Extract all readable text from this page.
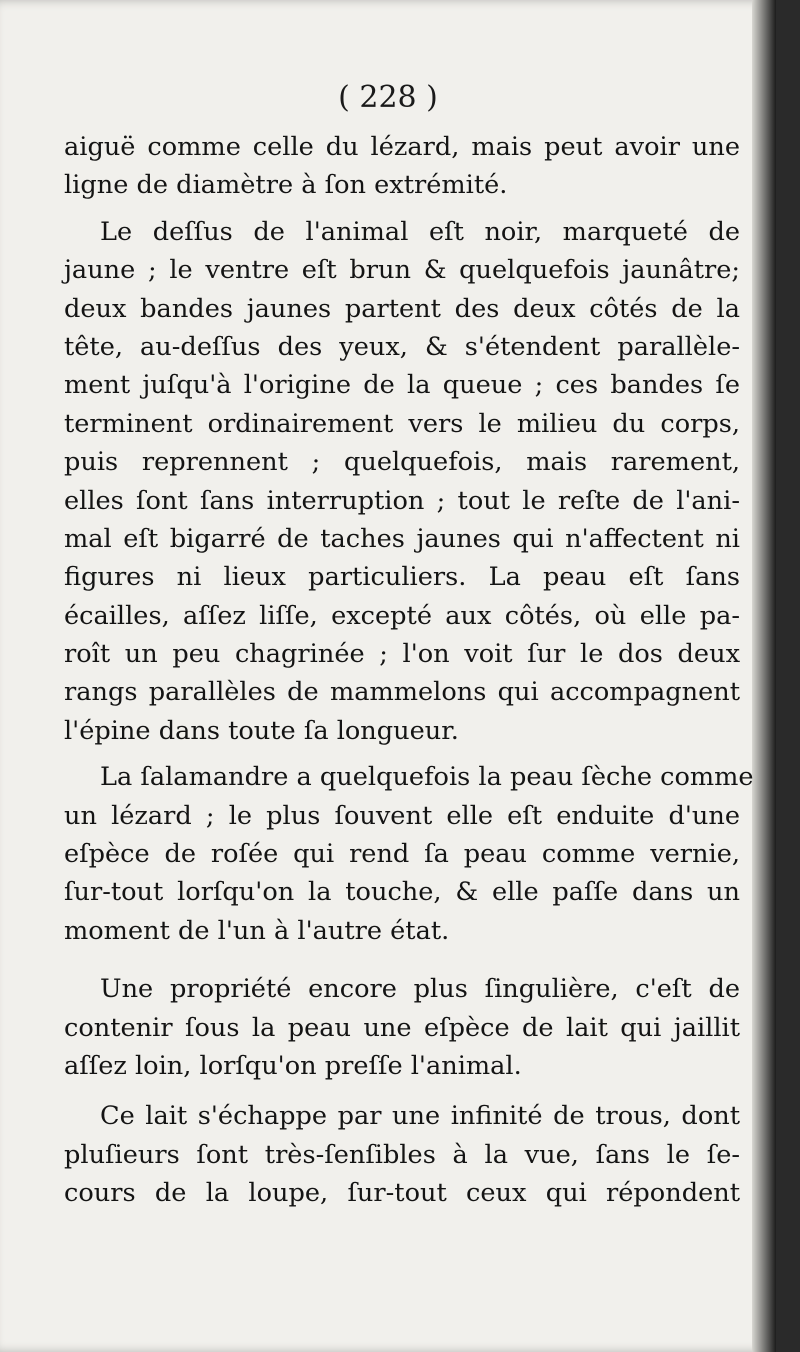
( 228 )
aiguë comme celle du lézard, mais peut avoir une
ligne de diamètre à ſon extrémité.
Le deſſus de l'animal eſt noir, marqueté de
jaune ; le ventre eſt brun & quelquefois jaunâtre;
deux bandes jaunes partent des deux côtés de la
tête, au-deſſus des yeux, & s'étendent parallèle-
ment juſqu'à l'origine de la queue ; ces bandes ſe
terminent ordinairement vers le milieu du corps,
puis reprennent ; quelquefois, mais rarement,
elles ſont ſans interruption ; tout le reſte de l'ani-
mal eſt bigarré de taches jaunes qui n'affectent ni
figures ni lieux particuliers. La peau eſt ſans
écailles, aſſez liſſe, excepté aux côtés, où elle pa-
roît un peu chagrinée ; l'on voit ſur le dos deux
rangs parallèles de mammelons qui accompagnent
l'épine dans toute ſa longueur.
La ſalamandre a quelquefois la peau ſèche comme
un lézard ; le plus ſouvent elle eſt enduite d'une
eſpèce de roſée qui rend ſa peau comme vernie,
ſur-tout lorſqu'on la touche, & elle paſſe dans un
moment de l'un à l'autre état.
Une propriété encore plus ſingulière, c'eſt de
contenir ſous la peau une eſpèce de lait qui jaillit
aſſez loin, lorſqu'on preſſe l'animal.
Ce lait s'échappe par une infinité de trous, dont
pluſieurs ſont très-ſenſibles à la vue, ſans le ſe-
cours de la loupe, ſur-tout ceux qui répondent
